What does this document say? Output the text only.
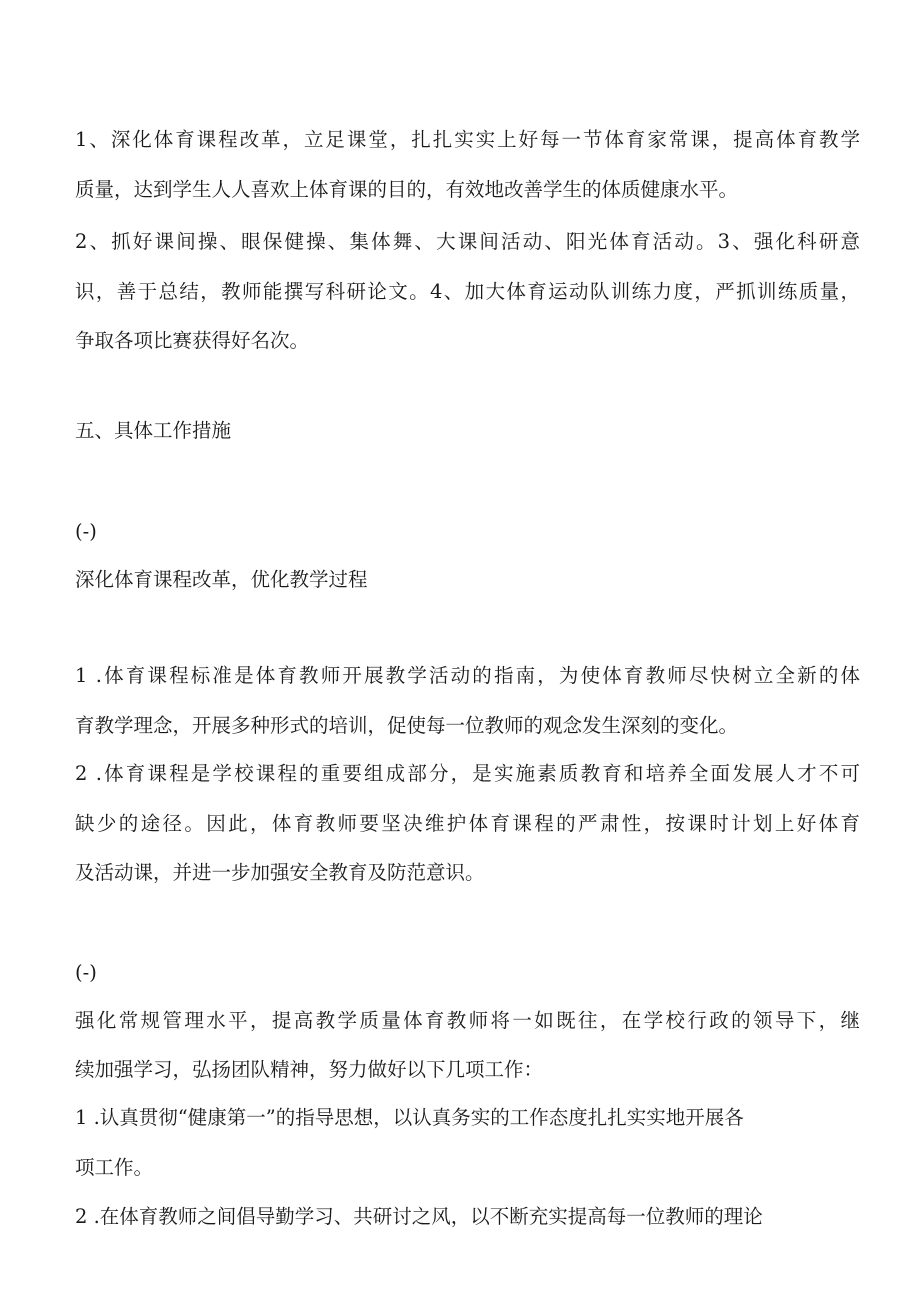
1、深化体育课程改革，立足课堂，扎扎实实上好每一节体育家常课，提高体育教学
质量，达到学生人人喜欢上体育课的目的，有效地改善学生的体质健康水平。
2、抓好课间操、眼保健操、集体舞、大课间活动、阳光体育活动。3、强化科研意
识，善于总结，教师能撰写科研论文。4、加大体育运动队训练力度，严抓训练质量，
争取各项比赛获得好名次。
五、具体工作措施
(-)
深化体育课程改革，优化教学过程
1 .体育课程标准是体育教师开展教学活动的指南，为使体育教师尽快树立全新的体
育教学理念，开展多种形式的培训，促使每一位教师的观念发生深刻的变化。
2 .体育课程是学校课程的重要组成部分，是实施素质教育和培养全面发展人才不可
缺少的途径。因此，体育教师要坚决维护体育课程的严肃性，按课时计划上好体育
及活动课，并进一步加强安全教育及防范意识。
(-)
强化常规管理水平，提高教学质量体育教师将一如既往，在学校行政的领导下，继
续加强学习，弘扬团队精神，努力做好以下几项工作：
1 .认真贯彻“健康第一”的指导思想，以认真务实的工作态度扎扎实实地开展各
项工作。
2 .在体育教师之间倡导勤学习、共研讨之风，以不断充实提高每一位教师的理论
